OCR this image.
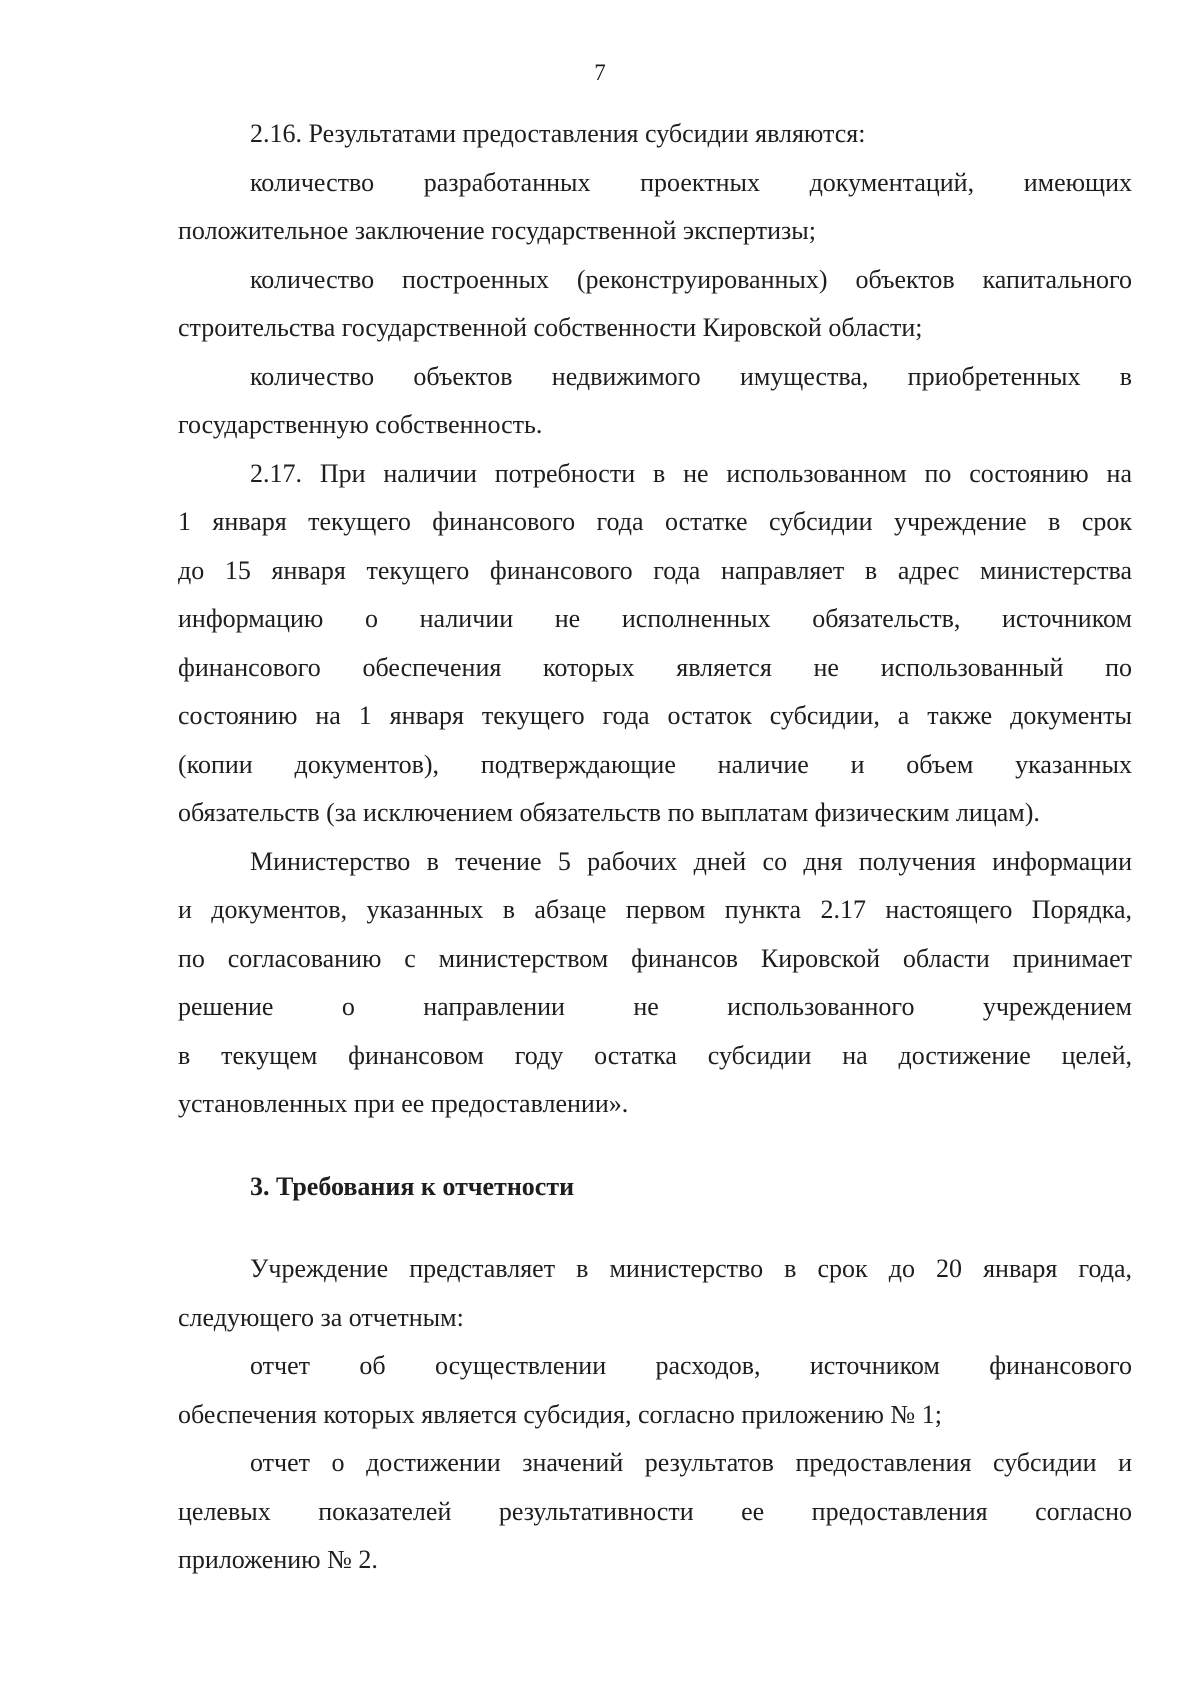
7
2.16. Результатами предоставления субсидии являются:
количество разработанных проектных документаций, имеющих
положительное заключение государственной экспертизы;
количество построенных (реконструированных) объектов капитального
строительства государственной собственности Кировской области;
количество объектов недвижимого имущества, приобретенных в
государственную собственность.
2.17. При наличии потребности в не использованном по состоянию на
1 января текущего финансового года остатке субсидии учреждение в срок
до 15 января текущего финансового года направляет в адрес министерства
информацию о наличии не исполненных обязательств, источником
финансового обеспечения которых является не использованный по
состоянию на 1 января текущего года остаток субсидии, а также документы
(копии документов), подтверждающие наличие и объем указанных
обязательств (за исключением обязательств по выплатам физическим лицам).
Министерство в течение 5 рабочих дней со дня получения информации
и документов, указанных в абзаце первом пункта 2.17 настоящего Порядка,
по согласованию с министерством финансов Кировской области принимает
решение о направлении не использованного учреждением
в текущем финансовом году остатка субсидии на достижение целей,
установленных при ее предоставлении».
3. Требования к отчетности
Учреждение представляет в министерство в срок до 20 января года,
следующего за отчетным:
отчет об осуществлении расходов, источником финансового
обеспечения которых является субсидия, согласно приложению № 1;
отчет о достижении значений результатов предоставления субсидии и
целевых показателей результативности ее предоставления согласно
приложению № 2.
